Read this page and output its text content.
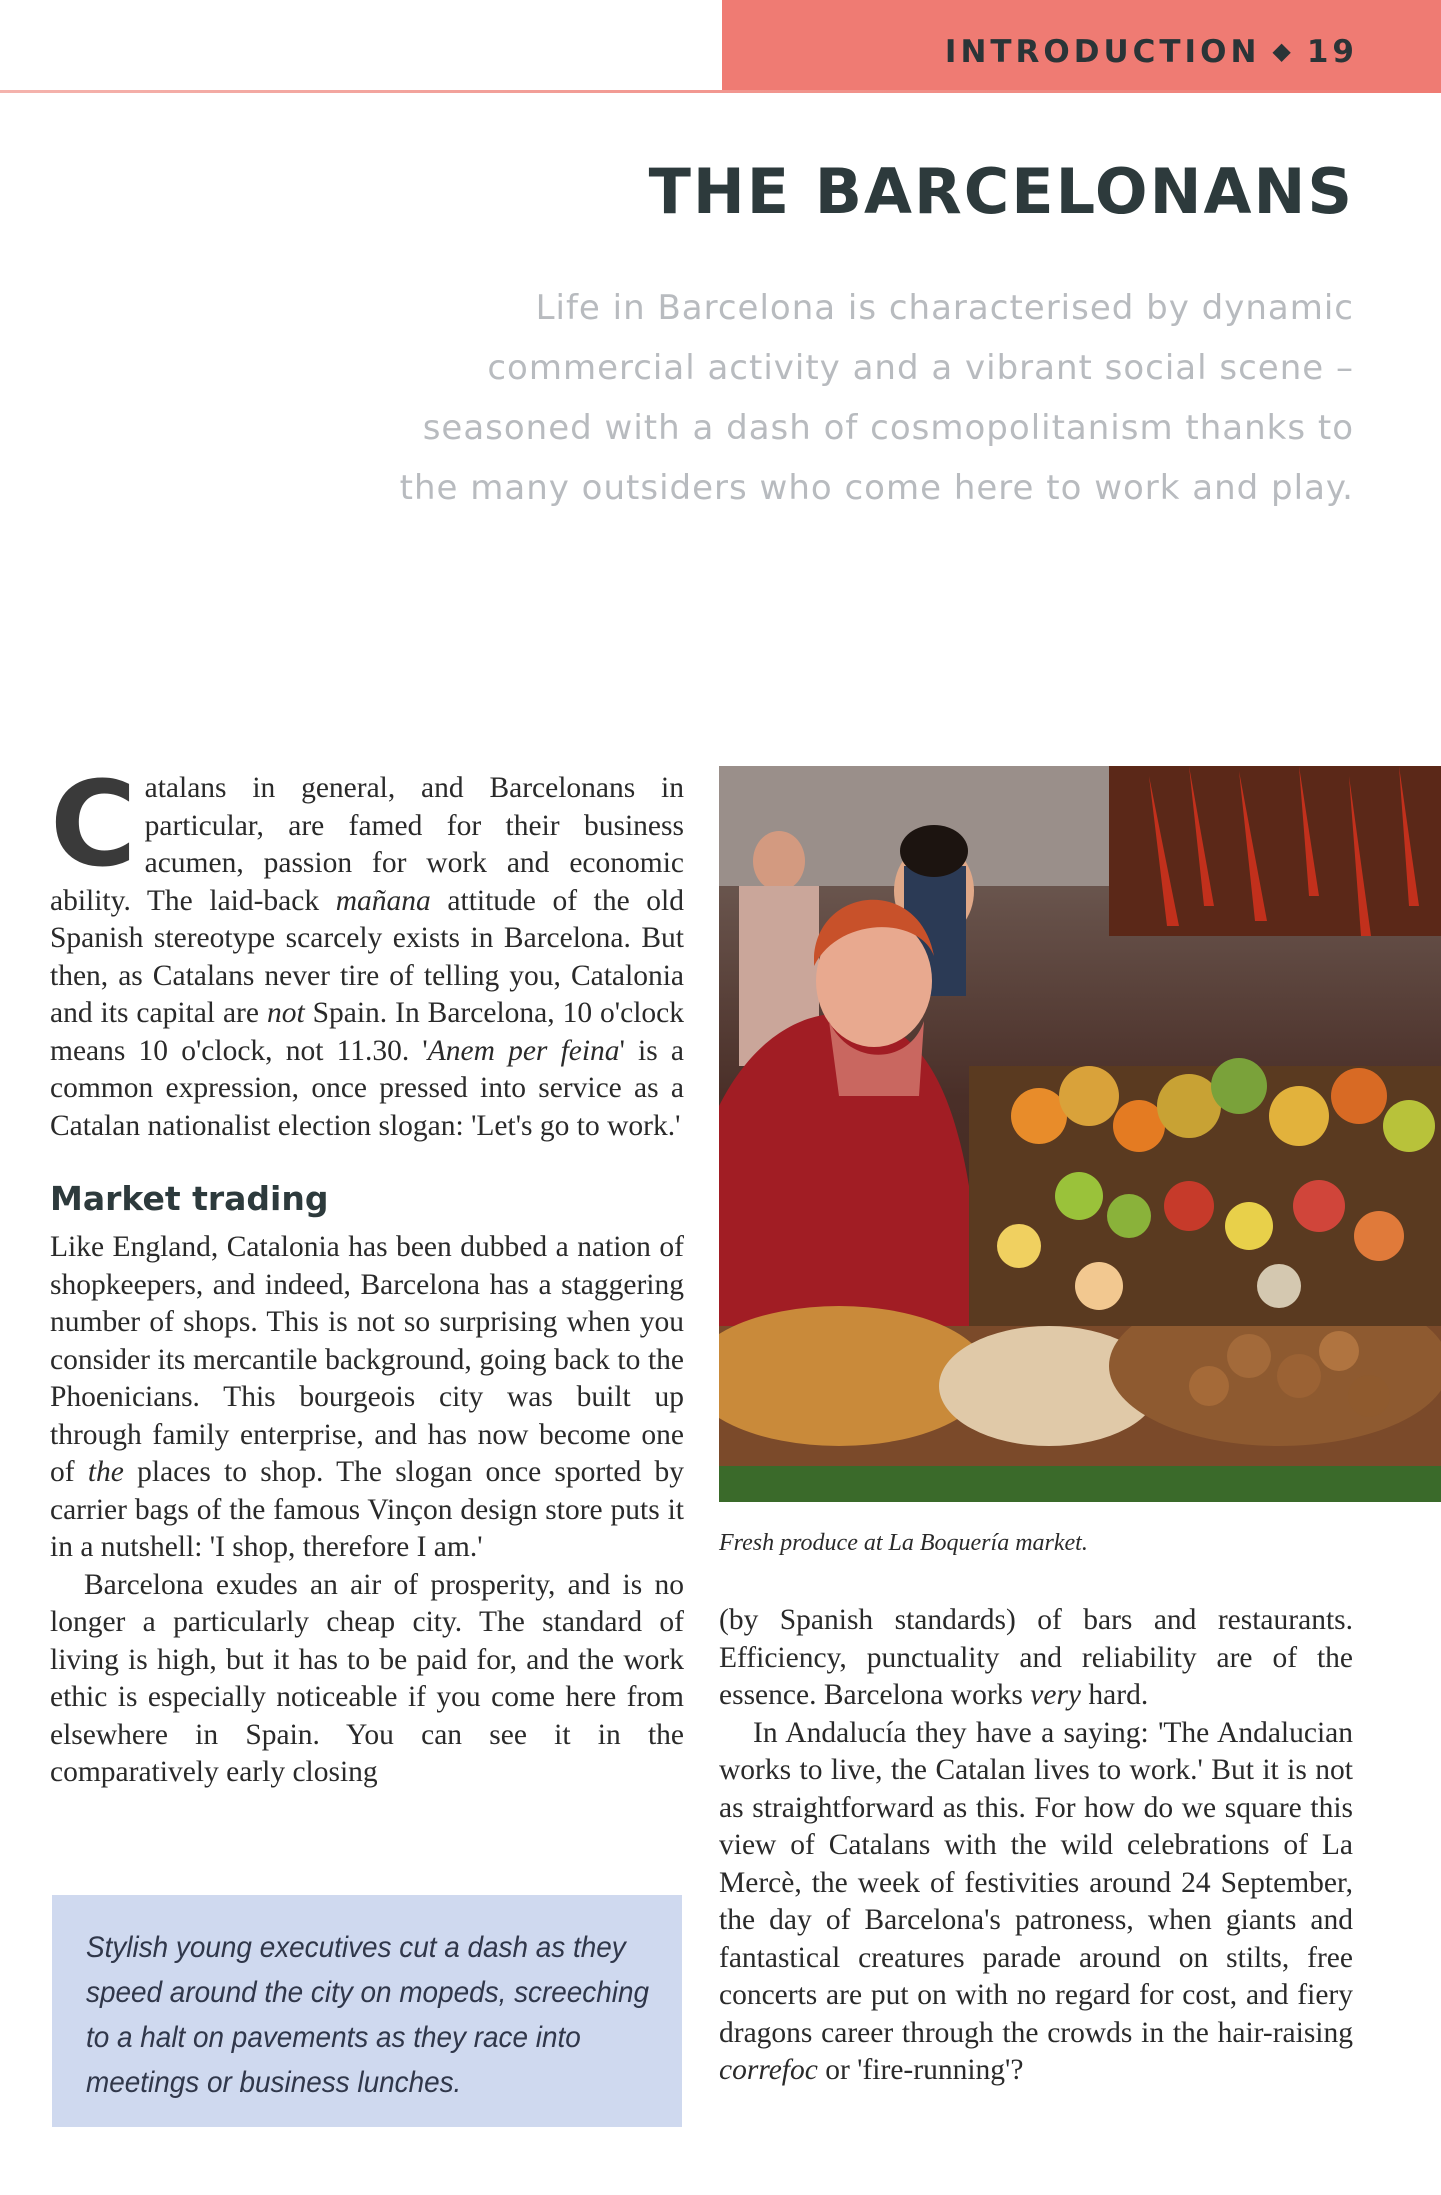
INTRODUCTION ◆ 19
THE BARCELONANS

Life in Barcelona is characterised by dynamic
commercial activity and a vibrant social scene –
seasoned with a dash of cosmopolitanism thanks to
the many outsiders who come here to work and play.

Catalans in general, and Barcelonans in particular, are famed for their business acumen, passion for work and economic ability. The laid-back mañana attitude of the old Spanish stereotype scarcely exists in Barcelona. But then, as Catalans never tire of telling you, Catalonia and its capital are not Spain. In Barcelona, 10 o'clock means 10 o'clock, not 11.30. 'Anem per feina' is a common expression, once pressed into service as a Catalan nationalist election slogan: 'Let's go to work.'

Market trading

Like England, Catalonia has been dubbed a nation of shopkeepers, and indeed, Barcelona has a staggering number of shops. This is not so surprising when you consider its mercantile background, going back to the Phoenicians. This bourgeois city was built up through family enterprise, and has now become one of the places to shop. The slogan once sported by carrier bags of the famous Vinçon design store puts it in a nutshell: 'I shop, therefore I am.'

Barcelona exudes an air of prosperity, and is no longer a particularly cheap city. The standard of living is high, but it has to be paid for, and the work ethic is especially noticeable if you come here from elsewhere in Spain. You can see it in the comparatively early closing

Stylish young executives cut a dash as they speed around the city on mopeds, screeching to a halt on pavements as they race into meetings or business lunches.

Fresh produce at La Boquería market.

(by Spanish standards) of bars and restaurants. Efficiency, punctuality and reliability are of the essence. Barcelona works very hard.

In Andalucía they have a saying: 'The Andalucian works to live, the Catalan lives to work.' But it is not as straightforward as this. For how do we square this view of Catalans with the wild celebrations of La Mercè, the week of festivities around 24 September, the day of Barcelona's patroness, when giants and fantastical creatures parade around on stilts, free concerts are put on with no regard for cost, and fiery dragons career through the crowds in the hair-raising correfoc or 'fire-running'?
